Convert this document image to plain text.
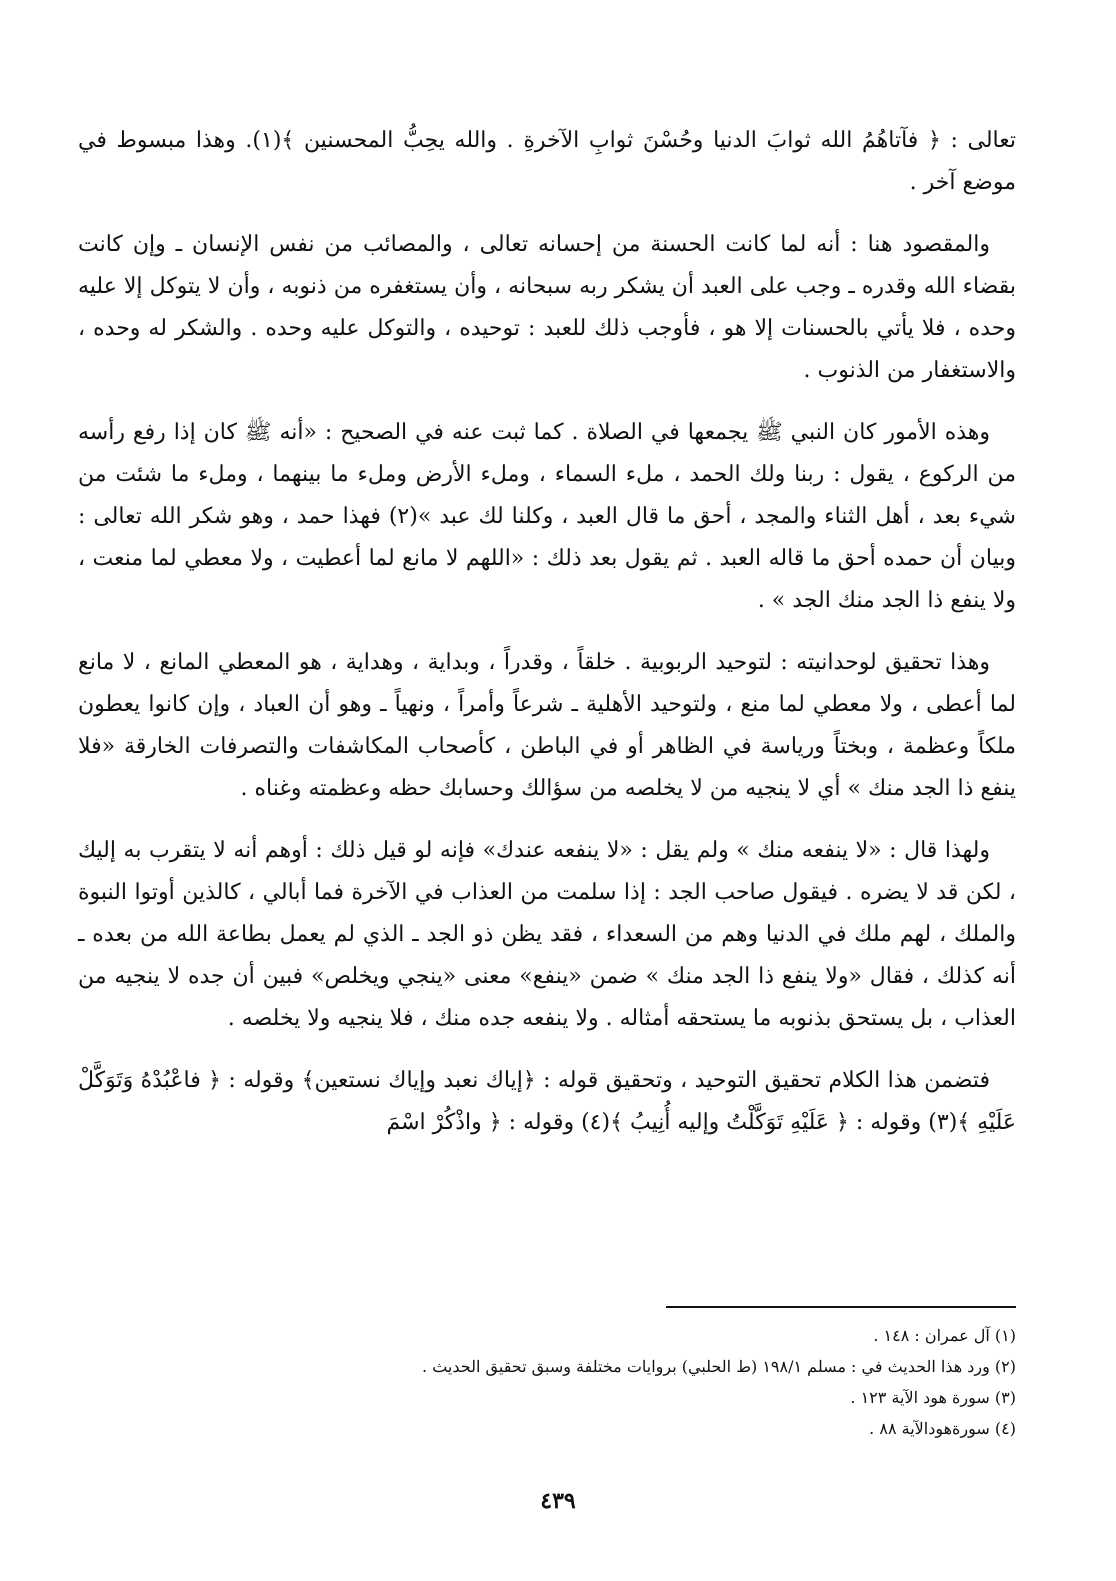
تعالى : ﴿ فآتاهُمُ الله ثوابَ الدنيا وحُسْنَ ثوابِ الآخرةِ . والله يحِبُّ المحسنين ﴾(١). وهذا مبسوط في موضع آخر .

والمقصود هنا : أنه لما كانت الحسنة من إحسانه تعالى ، والمصائب من نفس الإنسان ـ وإن كانت بقضاء الله وقدره ـ وجب على العبد أن يشكر ربه سبحانه ، وأن يستغفره من ذنوبه ، وأن لا يتوكل إلا عليه وحده ، فلا يأتي بالحسنات إلا هو ، فأوجب ذلك للعبد : توحيده ، والتوكل عليه وحده . والشكر له وحده ، والاستغفار من الذنوب .

وهذه الأمور كان النبي ﷺ يجمعها في الصلاة . كما ثبت عنه في الصحيح : «أنه ﷺ كان إذا رفع رأسه من الركوع ، يقول : ربنا ولك الحمد ، ملء السماء ، وملء الأرض وملء ما بينهما ، وملء ما شئت من شيء بعد ، أهل الثناء والمجد ، أحق ما قال العبد ، وكلنا لك عبد »(٢) فهذا حمد ، وهو شكر الله تعالى : وبيان أن حمده أحق ما قاله العبد . ثم يقول بعد ذلك : «اللهم لا مانع لما أعطيت ، ولا معطي لما منعت ، ولا ينفع ذا الجد منك الجد » .

وهذا تحقيق لوحدانيته : لتوحيد الربوبية . خلقاً ، وقدراً ، وبداية ، وهداية ، هو المعطي المانع ، لا مانع لما أعطى ، ولا معطي لما منع ، ولتوحيد الأهلية ـ شرعاً وأمراً ، ونهياً ـ وهو أن العباد ، وإن كانوا يعطون ملكاً وعظمة ، وبختاً ورياسة في الظاهر أو في الباطن ، كأصحاب المكاشفات والتصرفات الخارقة «فلا ينفع ذا الجد منك » أي لا ينجيه من لا يخلصه من سؤالك وحسابك حظه وعظمته وغناه .

ولهذا قال : «لا ينفعه منك » ولم يقل : «لا ينفعه عندك» فإنه لو قيل ذلك : أوهم أنه لا يتقرب به إليك ، لكن قد لا يضره . فيقول صاحب الجد : إذا سلمت من العذاب في الآخرة فما أبالي ، كالذين أوتوا النبوة والملك ، لهم ملك في الدنيا وهم من السعداء ، فقد يظن ذو الجد ـ الذي لم يعمل بطاعة الله من بعده ـ أنه كذلك ، فقال «ولا ينفع ذا الجد منك » ضمن «ينفع» معنى «ينجي ويخلص» فبين أن جده لا ينجيه من العذاب ، بل يستحق بذنوبه ما يستحقه أمثاله . ولا ينفعه جده منك ، فلا ينجيه ولا يخلصه .

فتضمن هذا الكلام تحقيق التوحيد ، وتحقيق قوله : ﴿إياك نعبد وإياك نستعين﴾ وقوله : ﴿ فاعْبُدْهُ وَتَوَكَّلْ عَلَيْهِ ﴾(٣) وقوله : ﴿ عَلَيْهِ تَوَكَّلْتُ وإليه أُنِيبُ ﴾(٤) وقوله : ﴿ واذْكُرْ اسْمَ

(١) آل عمران : ١٤٨ .

(٢) ورد هذا الحديث في : مسلم ١٩٨/١ (ط الحلبي) بروايات مختلفة وسبق تحقيق الحديث .

(٣) سورة هود الآية ١٢٣ .

(٤) سورةهودالآية ٨٨ .

٤٣٩
